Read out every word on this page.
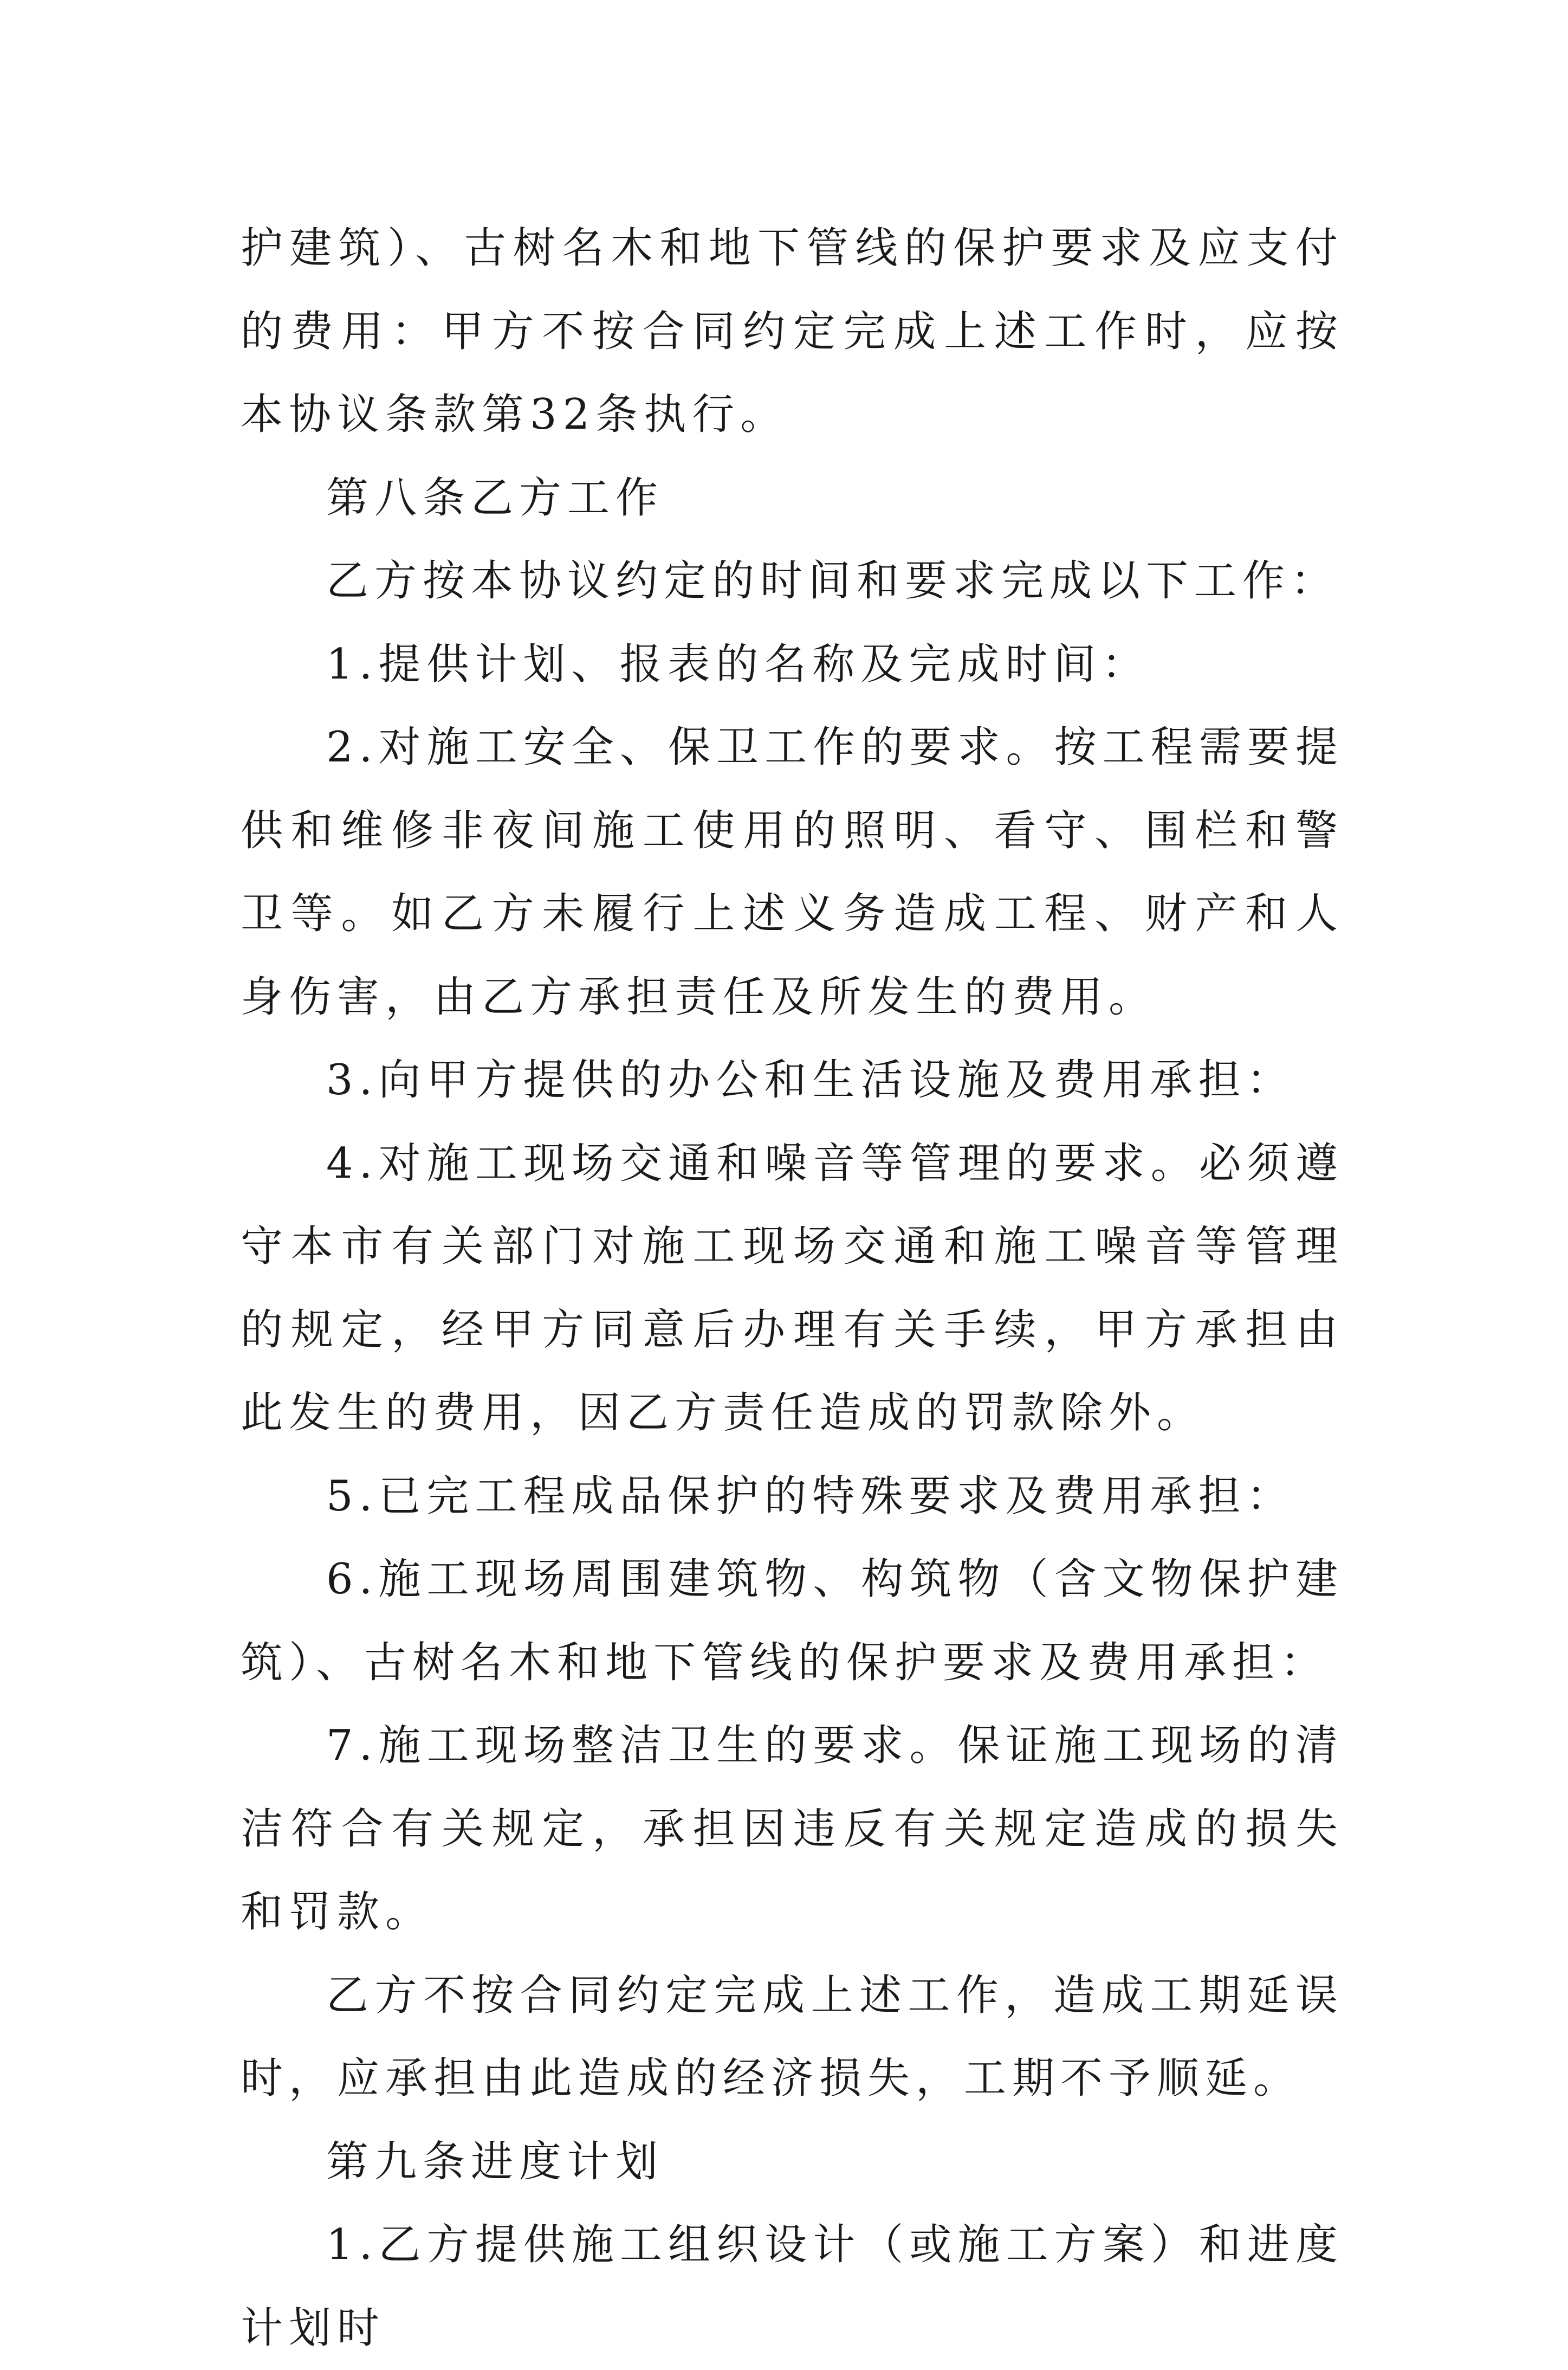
护建筑）、古树名木和地下管线的保护要求及应支付的费用：甲方不按合同约定完成上述工作时，应按本协议条款第32条执行。

第八条乙方工作

乙方按本协议约定的时间和要求完成以下工作：

1.提供计划、报表的名称及完成时间：

2.对施工安全、保卫工作的要求。按工程需要提供和维修非夜间施工使用的照明、看守、围栏和警卫等。如乙方未履行上述义务造成工程、财产和人身伤害，由乙方承担责任及所发生的费用。

3.向甲方提供的办公和生活设施及费用承担：

4.对施工现场交通和噪音等管理的要求。必须遵守本市有关部门对施工现场交通和施工噪音等管理的规定，经甲方同意后办理有关手续，甲方承担由此发生的费用，因乙方责任造成的罚款除外。

5.已完工程成品保护的特殊要求及费用承担：

6.施工现场周围建筑物、构筑物（含文物保护建筑）、古树名木和地下管线的保护要求及费用承担：

7.施工现场整洁卫生的要求。保证施工现场的清洁符合有关规定，承担因违反有关规定造成的损失和罚款。

乙方不按合同约定完成上述工作，造成工期延误时，应承担由此造成的经济损失，工期不予顺延。

第九条进度计划

1.乙方提供施工组织设计（或施工方案）和进度计划时
